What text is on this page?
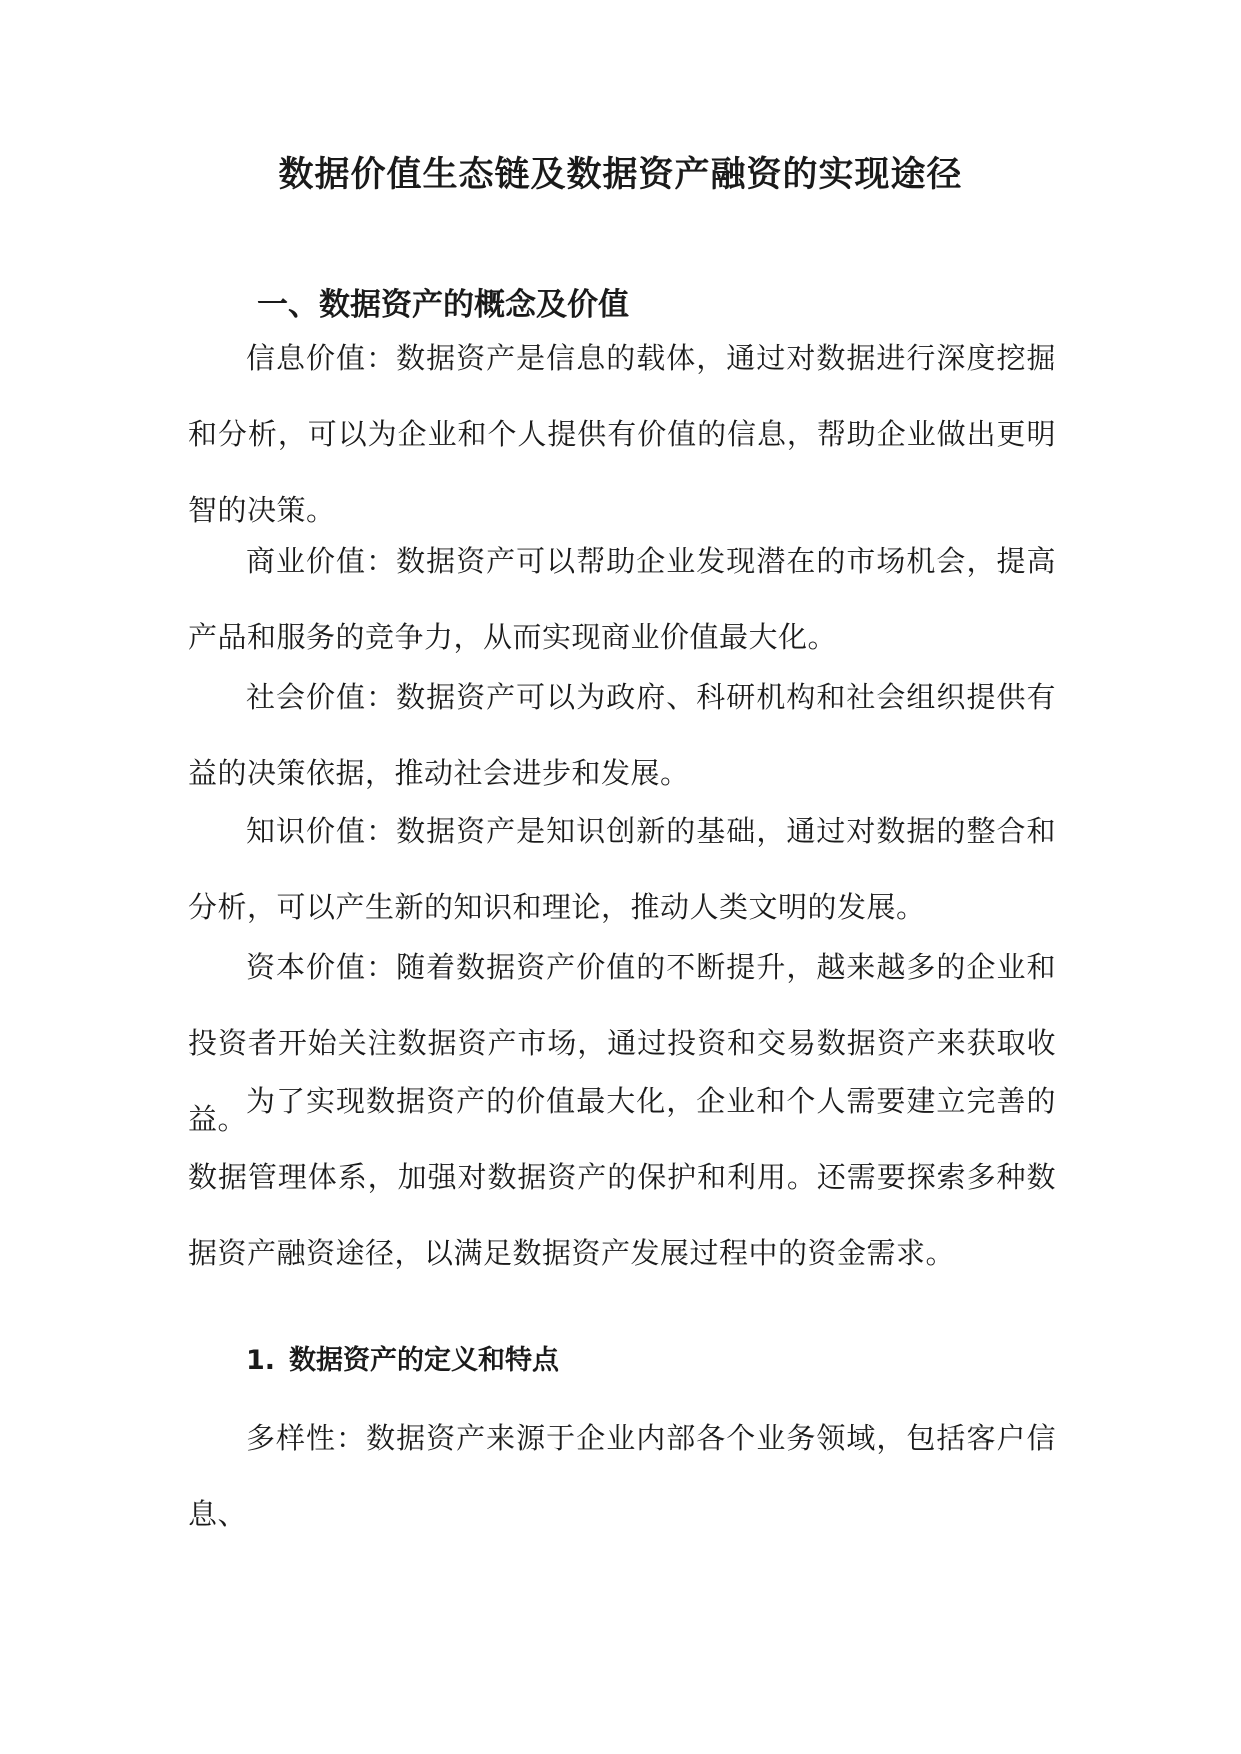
数据价值生态链及数据资产融资的实现途径
一、数据资产的概念及价值

信息价值：数据资产是信息的载体，通过对数据进行深度挖掘和分析，可以为企业和个人提供有价值的信息，帮助企业做出更明智的决策。

商业价值：数据资产可以帮助企业发现潜在的市场机会，提高产品和服务的竞争力，从而实现商业价值最大化。

社会价值：数据资产可以为政府、科研机构和社会组织提供有益的决策依据，推动社会进步和发展。

知识价值：数据资产是知识创新的基础，通过对数据的整合和分析，可以产生新的知识和理论，推动人类文明的发展。

资本价值：随着数据资产价值的不断提升，越来越多的企业和投资者开始关注数据资产市场，通过投资和交易数据资产来获取收益。

为了实现数据资产的价值最大化，企业和个人需要建立完善的数据管理体系，加强对数据资产的保护和利用。还需要探索多种数据资产融资途径，以满足数据资产发展过程中的资金需求。

1. 数据资产的定义和特点

多样性：数据资产来源于企业内部各个业务领域，包括客户信息、
